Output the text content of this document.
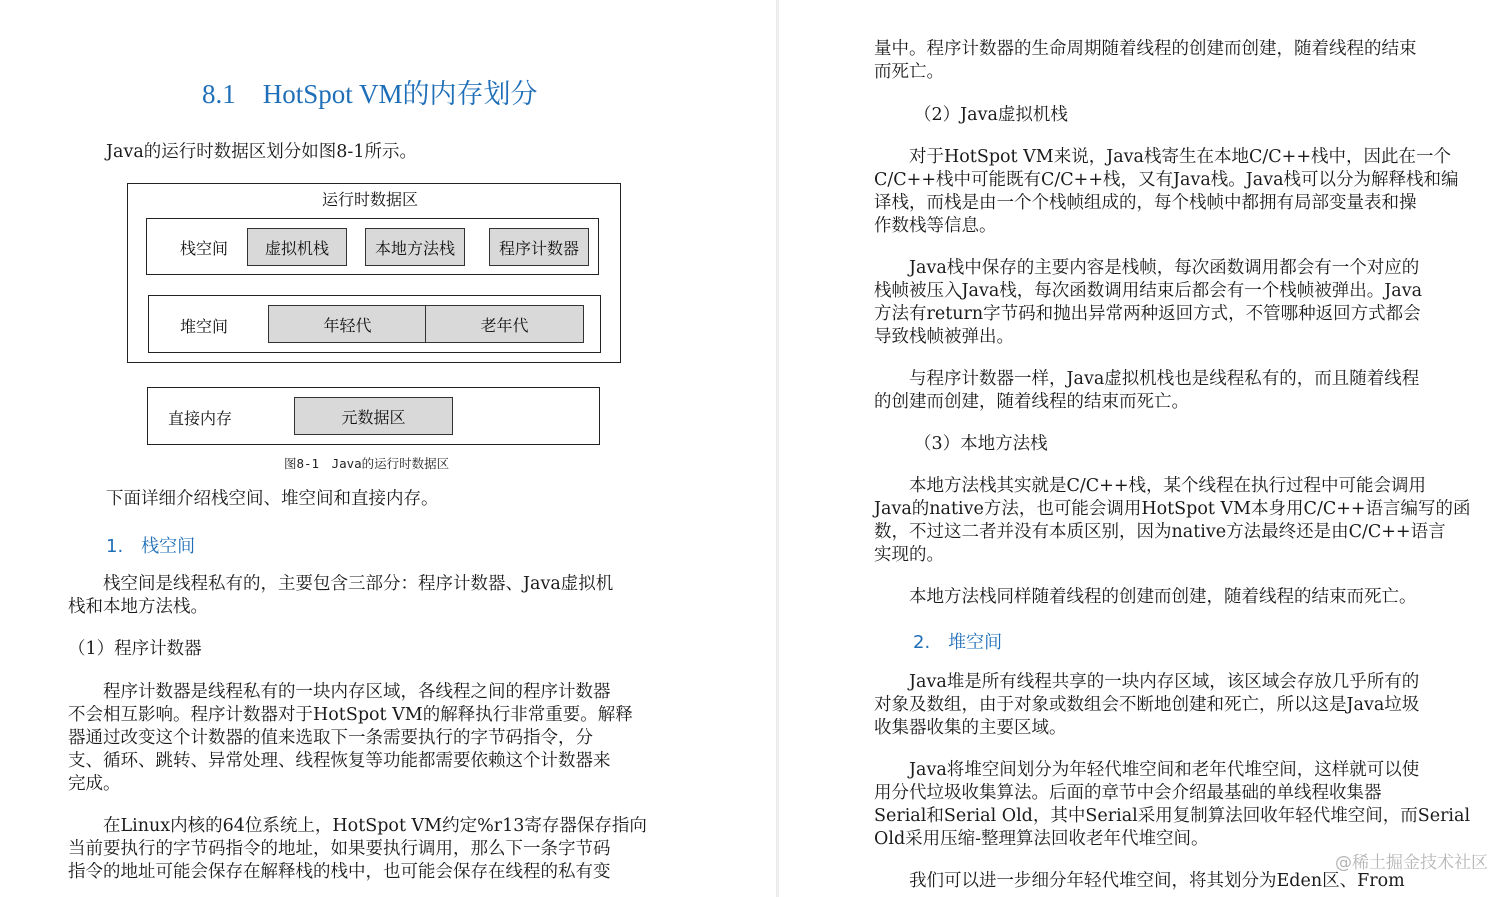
8.1　HotSpot VM的内存划分
Java的运行时数据区划分如图8-1所示。
运行时数据区
栈空间	虚拟机栈	本地方法栈	程序计数器
堆空间	年轻代	老年代
直接内存	元数据区
图8-1　Java的运行时数据区
下面详细介绍栈空间、堆空间和直接内存。
1.　栈空间
　　栈空间是线程私有的，主要包含三部分：程序计数器、Java虚拟机
栈和本地方法栈。
（1）程序计数器
　　程序计数器是线程私有的一块内存区域，各线程之间的程序计数器
不会相互影响。程序计数器对于HotSpot VM的解释执行非常重要。解释
器通过改变这个计数器的值来选取下一条需要执行的字节码指令，分
支、循环、跳转、异常处理、线程恢复等功能都需要依赖这个计数器来
完成。
　　在Linux内核的64位系统上，HotSpot VM约定%r13寄存器保存指向
当前要执行的字节码指令的地址，如果要执行调用，那么下一条字节码
指令的地址可能会保存在解释栈的栈中，也可能会保存在线程的私有变
量中。程序计数器的生命周期随着线程的创建而创建，随着线程的结束
而死亡。
（2）Java虚拟机栈
　　对于HotSpot VM来说，Java栈寄生在本地C/C++栈中，因此在一个
C/C++栈中可能既有C/C++栈，又有Java栈。Java栈可以分为解释栈和编
译栈，而栈是由一个个栈帧组成的，每个栈帧中都拥有局部变量表和操
作数栈等信息。
　　Java栈中保存的主要内容是栈帧，每次函数调用都会有一个对应的
栈帧被压入Java栈，每次函数调用结束后都会有一个栈帧被弹出。Java
方法有return字节码和抛出异常两种返回方式，不管哪种返回方式都会
导致栈帧被弹出。
　　与程序计数器一样，Java虚拟机栈也是线程私有的，而且随着线程
的创建而创建，随着线程的结束而死亡。
（3）本地方法栈
　　本地方法栈其实就是C/C++栈，某个线程在执行过程中可能会调用
Java的native方法，也可能会调用HotSpot VM本身用C/C++语言编写的函
数，不过这二者并没有本质区别，因为native方法最终还是由C/C++语言
实现的。
　　本地方法栈同样随着线程的创建而创建，随着线程的结束而死亡。
2.　堆空间
　　Java堆是所有线程共享的一块内存区域，该区域会存放几乎所有的
对象及数组，由于对象或数组会不断地创建和死亡，所以这是Java垃圾
收集器收集的主要区域。
　　Java将堆空间划分为年轻代堆空间和老年代堆空间，这样就可以使
用分代垃圾收集算法。后面的章节中会介绍最基础的单线程收集器
Serial和Serial Old，其中Serial采用复制算法回收年轻代堆空间，而Serial
Old采用压缩-整理算法回收老年代堆空间。
　　我们可以进一步细分年轻代堆空间，将其划分为Eden区、From
@稀土掘金技术社区
